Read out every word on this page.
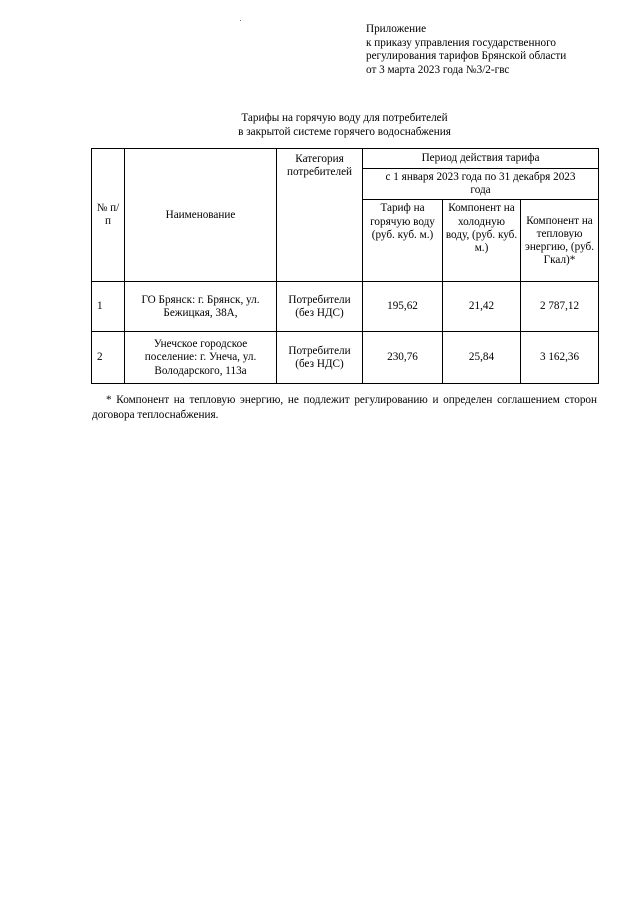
Приложение
к приказу управления государственного
регулирования тарифов Брянской области
от 3 марта 2023 года №3/2-гвс
Тарифы на горячую воду для потребителей
в закрытой системе горячего водоснабжения
№ п/п	Наименование	Категория потребителей	Период действия тарифа		
			с 1 января 2023 года по 31 декабря 2023 года		
			Тариф на горячую воду (руб. куб. м.)	Компонент на холодную воду, (руб. куб. м.)	Компонент на тепловую энергию, (руб. Гкал)*
1	ГО Брянск: г. Брянск, ул. Бежицкая, 38А,	Потребители (без НДС)	195,62	21,42	2 787,12
2	Унечское городское поселение: г. Унеча, ул. Володарского, 113а	Потребители (без НДС)	230,76	25,84	3 162,36
* Компонент на тепловую энергию, не подлежит регулированию и определен соглашением сторон договора теплоснабжения.
